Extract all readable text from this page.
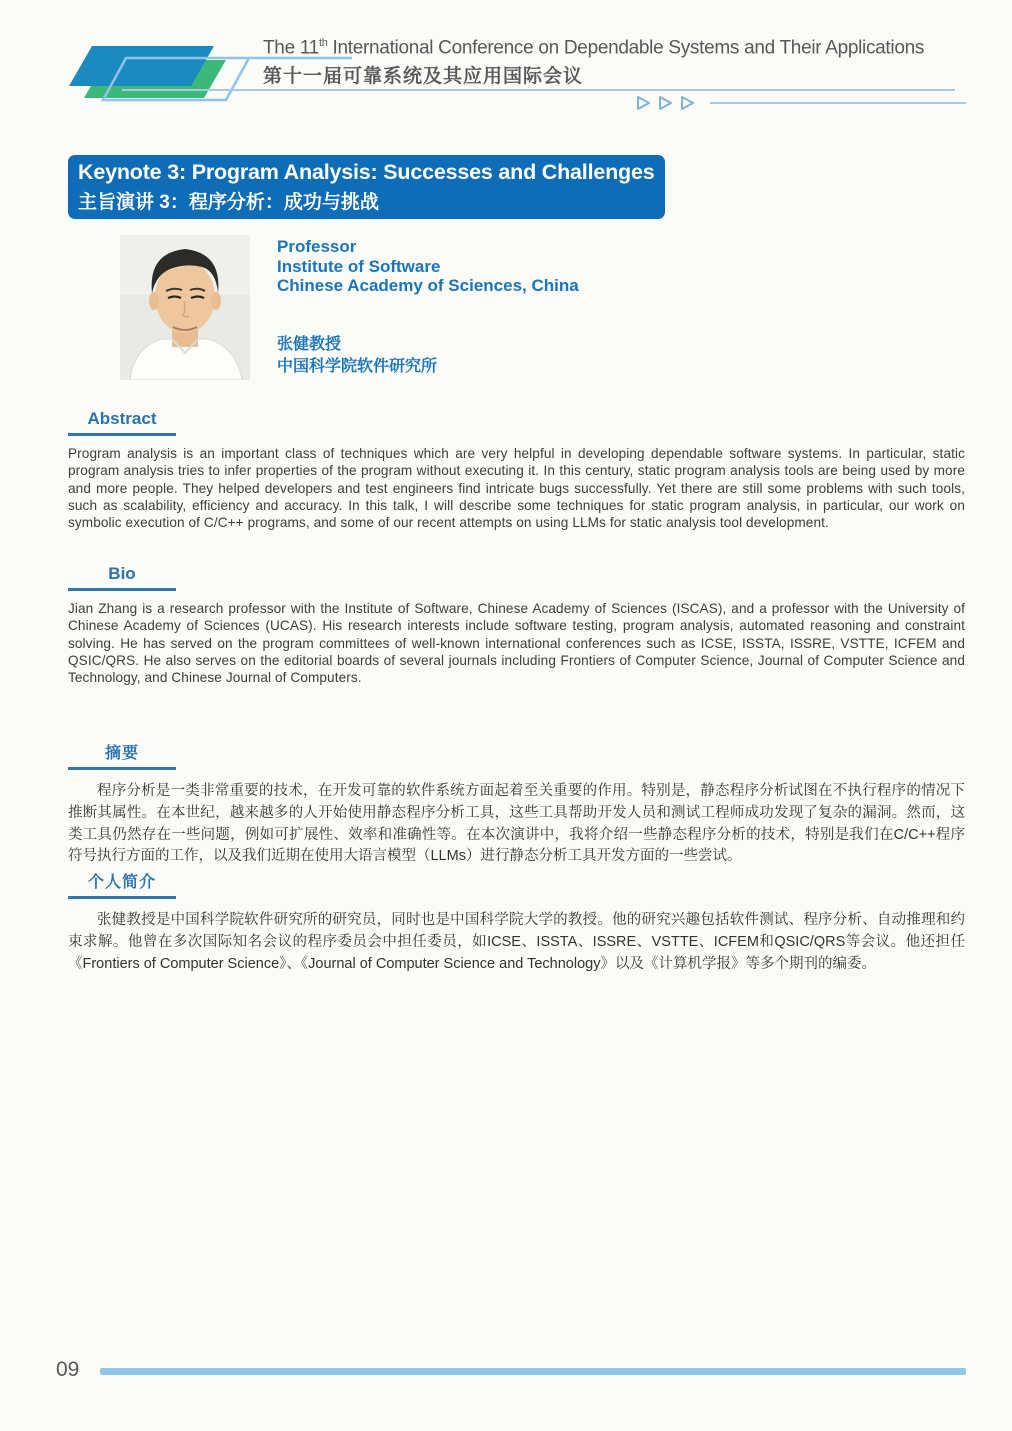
The 11th International Conference on Dependable Systems and Their Applications
第十一届可靠系统及其应用国际会议
Keynote 3: Program Analysis: Successes and Challenges
主旨演讲 3：程序分析：成功与挑战
Professor
Institute of Software
Chinese Academy of Sciences, China
张健教授
中国科学院软件研究所
Abstract
Program analysis is an important class of techniques which are very helpful in developing dependable software systems. In particular, static program analysis tries to infer properties of the program without executing it. In this century, static program analysis tools are being used by more and more people. They helped developers and test engineers find intricate bugs successfully. Yet there are still some problems with such tools, such as scalability, efficiency and accuracy. In this talk, I will describe some techniques for static program analysis, in particular, our work on symbolic execution of C/C++ programs, and some of our recent attempts on using LLMs for static analysis tool development.
Bio
Jian Zhang is a research professor with the Institute of Software, Chinese Academy of Sciences (ISCAS), and a professor with the University of Chinese Academy of Sciences (UCAS). His research interests include software testing, program analysis, automated reasoning and constraint solving. He has served on the program committees of well-known international conferences such as ICSE, ISSTA, ISSRE, VSTTE, ICFEM and QSIC/QRS. He also serves on the editorial boards of several journals including Frontiers of Computer Science, Journal of Computer Science and Technology, and Chinese Journal of Computers.
摘要
程序分析是一类非常重要的技术，在开发可靠的软件系统方面起着至关重要的作用。特别是，静态程序分析试图在不执行程序的情况下推断其属性。在本世纪，越来越多的人开始使用静态程序分析工具，这些工具帮助开发人员和测试工程师成功发现了复杂的漏洞。然而，这类工具仍然存在一些问题，例如可扩展性、效率和准确性等。在本次演讲中，我将介绍一些静态程序分析的技术，特别是我们在C/C++程序符号执行方面的工作，以及我们近期在使用大语言模型（LLMs）进行静态分析工具开发方面的一些尝试。
个人简介
张健教授是中国科学院软件研究所的研究员，同时也是中国科学院大学的教授。他的研究兴趣包括软件测试、程序分析、自动推理和约束求解。他曾在多次国际知名会议的程序委员会中担任委员，如ICSE、ISSTA、ISSRE、VSTTE、ICFEM和QSIC/QRS等会议。他还担任《Frontiers of Computer Science》、《Journal of Computer Science and Technology》以及《计算机学报》等多个期刊的编委。
09
